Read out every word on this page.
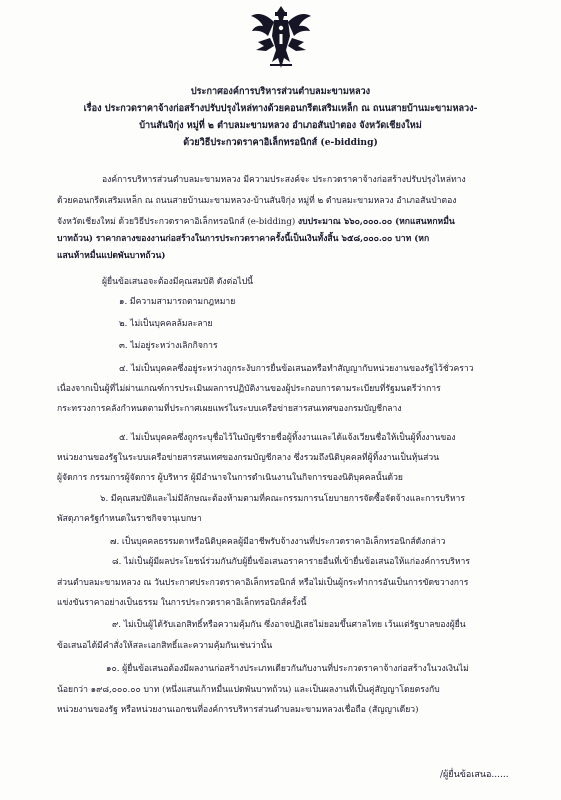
ประกาศองค์การบริหารส่วนตำบลมะขามหลวง
เรื่อง ประกวดราคาจ้างก่อสร้างปรับปรุงไหล่ทางด้วยคอนกรีตเสริมเหล็ก ณ ถนนสายบ้านมะขามหลวง-
บ้านสันจิกุ่ง หมู่ที่ ๒ ตำบลมะขามหลวง อำเภอสันป่าตอง จังหวัดเชียงใหม่
ด้วยวิธีประกวดราคาอิเล็กทรอนิกส์ (e-bidding)
องค์การบริหารส่วนตำบลมะขามหลวง มีความประสงค์จะ ประกวดราคาจ้างก่อสร้างปรับปรุงไหล่ทาง
ด้วยคอนกรีตเสริมเหล็ก ณ ถนนสายบ้านมะขามหลวง-บ้านสันจิกุ่ง หมู่ที่ ๒ ตำบลมะขามหลวง อำเภอสันป่าตอง
จังหวัดเชียงใหม่ ด้วยวิธีประกวดราคาอิเล็กทรอนิกส์ (e-bidding) งบประมาณ ๖๖๐,๐๐๐.๐๐ (หกแสนหกหมื่น
บาทถ้วน) ราคากลางของงานก่อสร้างในการประกวดราคาครั้งนี้เป็นเงินทั้งสิ้น ๖๕๘,๐๐๐.๐๐ บาท (หก
แสนห้าหมื่นแปดพันบาทถ้วน)
ผู้ยื่นข้อเสนอจะต้องมีคุณสมบัติ ดังต่อไปนี้
๑. มีความสามารถตามกฎหมาย
๒. ไม่เป็นบุคคลล้มละลาย
๓. ไม่อยู่ระหว่างเลิกกิจการ
๔. ไม่เป็นบุคคลซึ่งอยู่ระหว่างถูกระงับการยื่นข้อเสนอหรือทำสัญญากับหน่วยงานของรัฐไว้ชั่วคราว
เนื่องจากเป็นผู้ที่ไม่ผ่านเกณฑ์การประเมินผลการปฏิบัติงานของผู้ประกอบการตามระเบียบที่รัฐมนตรีว่าการ
กระทรวงการคลังกำหนดตามที่ประกาศเผยแพร่ในระบบเครือข่ายสารสนเทศของกรมบัญชีกลาง
๕. ไม่เป็นบุคคลซึ่งถูกระบุชื่อไว้ในบัญชีรายชื่อผู้ทิ้งงานและได้แจ้งเวียนชื่อให้เป็นผู้ทิ้งงานของ
หน่วยงานของรัฐในระบบเครือข่ายสารสนเทศของกรมบัญชีกลาง ซึ่งรวมถึงนิติบุคคลที่ผู้ทิ้งงานเป็นหุ้นส่วน
ผู้จัดการ กรรมการผู้จัดการ ผู้บริหาร ผู้มีอำนาจในการดำเนินงานในกิจการของนิติบุคคลนั้นด้วย
๖. มีคุณสมบัติและไม่มีลักษณะต้องห้ามตามที่คณะกรรมการนโยบายการจัดซื้อจัดจ้างและการบริหาร
พัสดุภาครัฐกำหนดในราชกิจจานุเบกษา
๗. เป็นบุคคลธรรมดาหรือนิติบุคคลผู้มีอาชีพรับจ้างงานที่ประกวดราคาอิเล็กทรอนิกส์ดังกล่าว
๘. ไม่เป็นผู้มีผลประโยชน์ร่วมกันกับผู้ยื่นข้อเสนอราคารายอื่นที่เข้ายื่นข้อเสนอให้แก่องค์การบริหาร
ส่วนตำบลมะขามหลวง ณ วันประกาศประกวดราคาอิเล็กทรอนิกส์ หรือไม่เป็นผู้กระทำการอันเป็นการขัดขวางการ
แข่งขันราคาอย่างเป็นธรรม ในการประกวดราคาอิเล็กทรอนิกส์ครั้งนี้
๙. ไม่เป็นผู้ได้รับเอกสิทธิ์หรือความคุ้มกัน ซึ่งอาจปฏิเสธไม่ยอมขึ้นศาลไทย เว้นแต่รัฐบาลของผู้ยื่น
ข้อเสนอได้มีคำสั่งให้สละเอกสิทธิ์และความคุ้มกันเช่นว่านั้น
๑๐. ผู้ยื่นข้อเสนอต้องมีผลงานก่อสร้างประเภทเดียวกันกับงานที่ประกวดราคาจ้างก่อสร้างในวงเงินไม่
น้อยกว่า ๑๙๘,๐๐๐.๐๐ บาท (หนึ่งแสนเก้าหมื่นแปดพันบาทถ้วน) และเป็นผลงานที่เป็นคู่สัญญาโดยตรงกับ
หน่วยงานของรัฐ หรือหน่วยงานเอกชนที่องค์การบริหารส่วนตำบลมะขามหลวงเชื่อถือ (สัญญาเดียว)
/ผู้ยื่นข้อเสนอ......
